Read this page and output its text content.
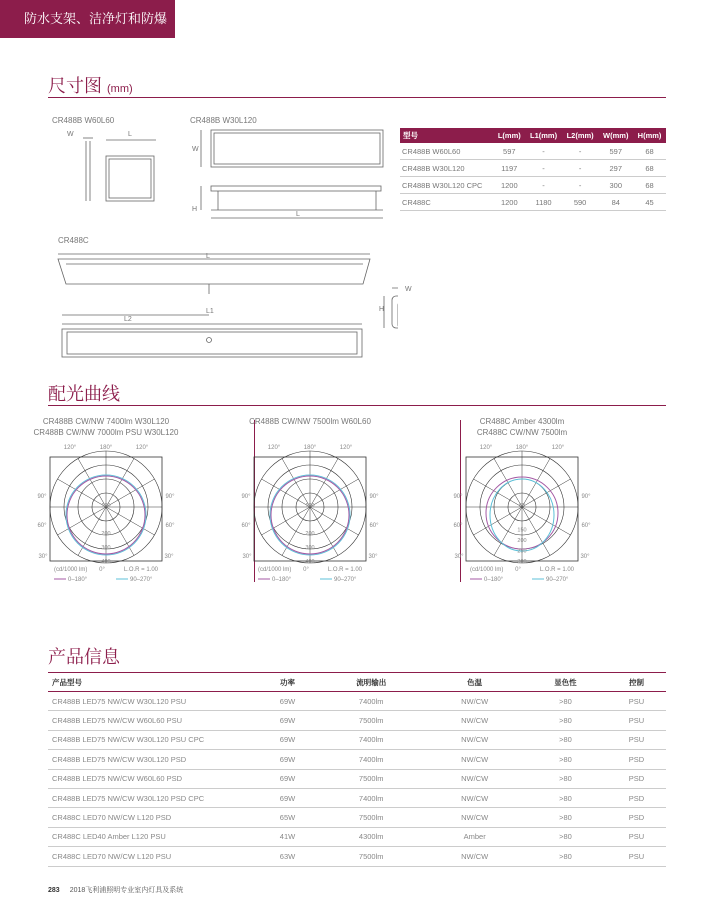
防水支架、洁净灯和防爆灯
尺寸图 (mm)
CR488B W60L60	CR488B W30L120
CR488C
W	L
W
H
L
L
L1
L2
W
H
型号	L(mm)	L1(mm)	L2(mm)	W(mm)	H(mm)
CR488B W60L60	597	-	-	597	68
CR488B W30L120	1197	-	-	297	68
CR488B W30L120 CPC	1200	-	-	300	68
CR488C	1200	1180	590	84	45
配光曲线
CR488B CW/NW 7400lm W30L120
CR488B CW/NW 7000lm PSU W30L120
120°	180°	120°
90°	90°
60°	60°
30°	30°
100
200
300
400
(cd/1000 lm) 0°	L.O.R = 1.00
0–180°	90–270°
CR488B CW/NW 7500lm W60L60
120°	180°	120°
90°	90°
60°	60°
30°	30°
100
200
300
400
(cd/1000 lm) 0°	L.O.R = 1.00
0–180°	90–270°
CR488C Amber 4300lm
CR488C CW/NW 7500lm
120°	180°	120°
90°	90°
60°	60°
30°	30°
50
150
200
250
300
(cd/1000 lm) 0°	L.O.R = 1.00
0–180°	90–270°
产品信息
产品型号	功率	流明输出	色温	显色性	控制
CR488B LED75 NW/CW W30L120 PSU	69W	7400lm	NW/CW	>80	PSU
CR488B LED75 NW/CW W60L60 PSU	69W	7500lm	NW/CW	>80	PSU
CR488B LED75 NW/CW W30L120 PSU CPC	69W	7400lm	NW/CW	>80	PSU
CR488B LED75 NW/CW W30L120 PSD	69W	7400lm	NW/CW	>80	PSD
CR488B LED75 NW/CW W60L60 PSD	69W	7500lm	NW/CW	>80	PSD
CR488B LED75 NW/CW W30L120 PSD CPC	69W	7400lm	NW/CW	>80	PSD
CR488C LED70 NW/CW L120 PSD	65W	7500lm	NW/CW	>80	PSD
CR488C LED40 Amber L120 PSU	41W	4300lm	Amber	>80	PSU
CR488C LED70 NW/CW L120 PSU	63W	7500lm	NW/CW	>80	PSU
283 2018飞利浦照明专业室内灯具及系统
